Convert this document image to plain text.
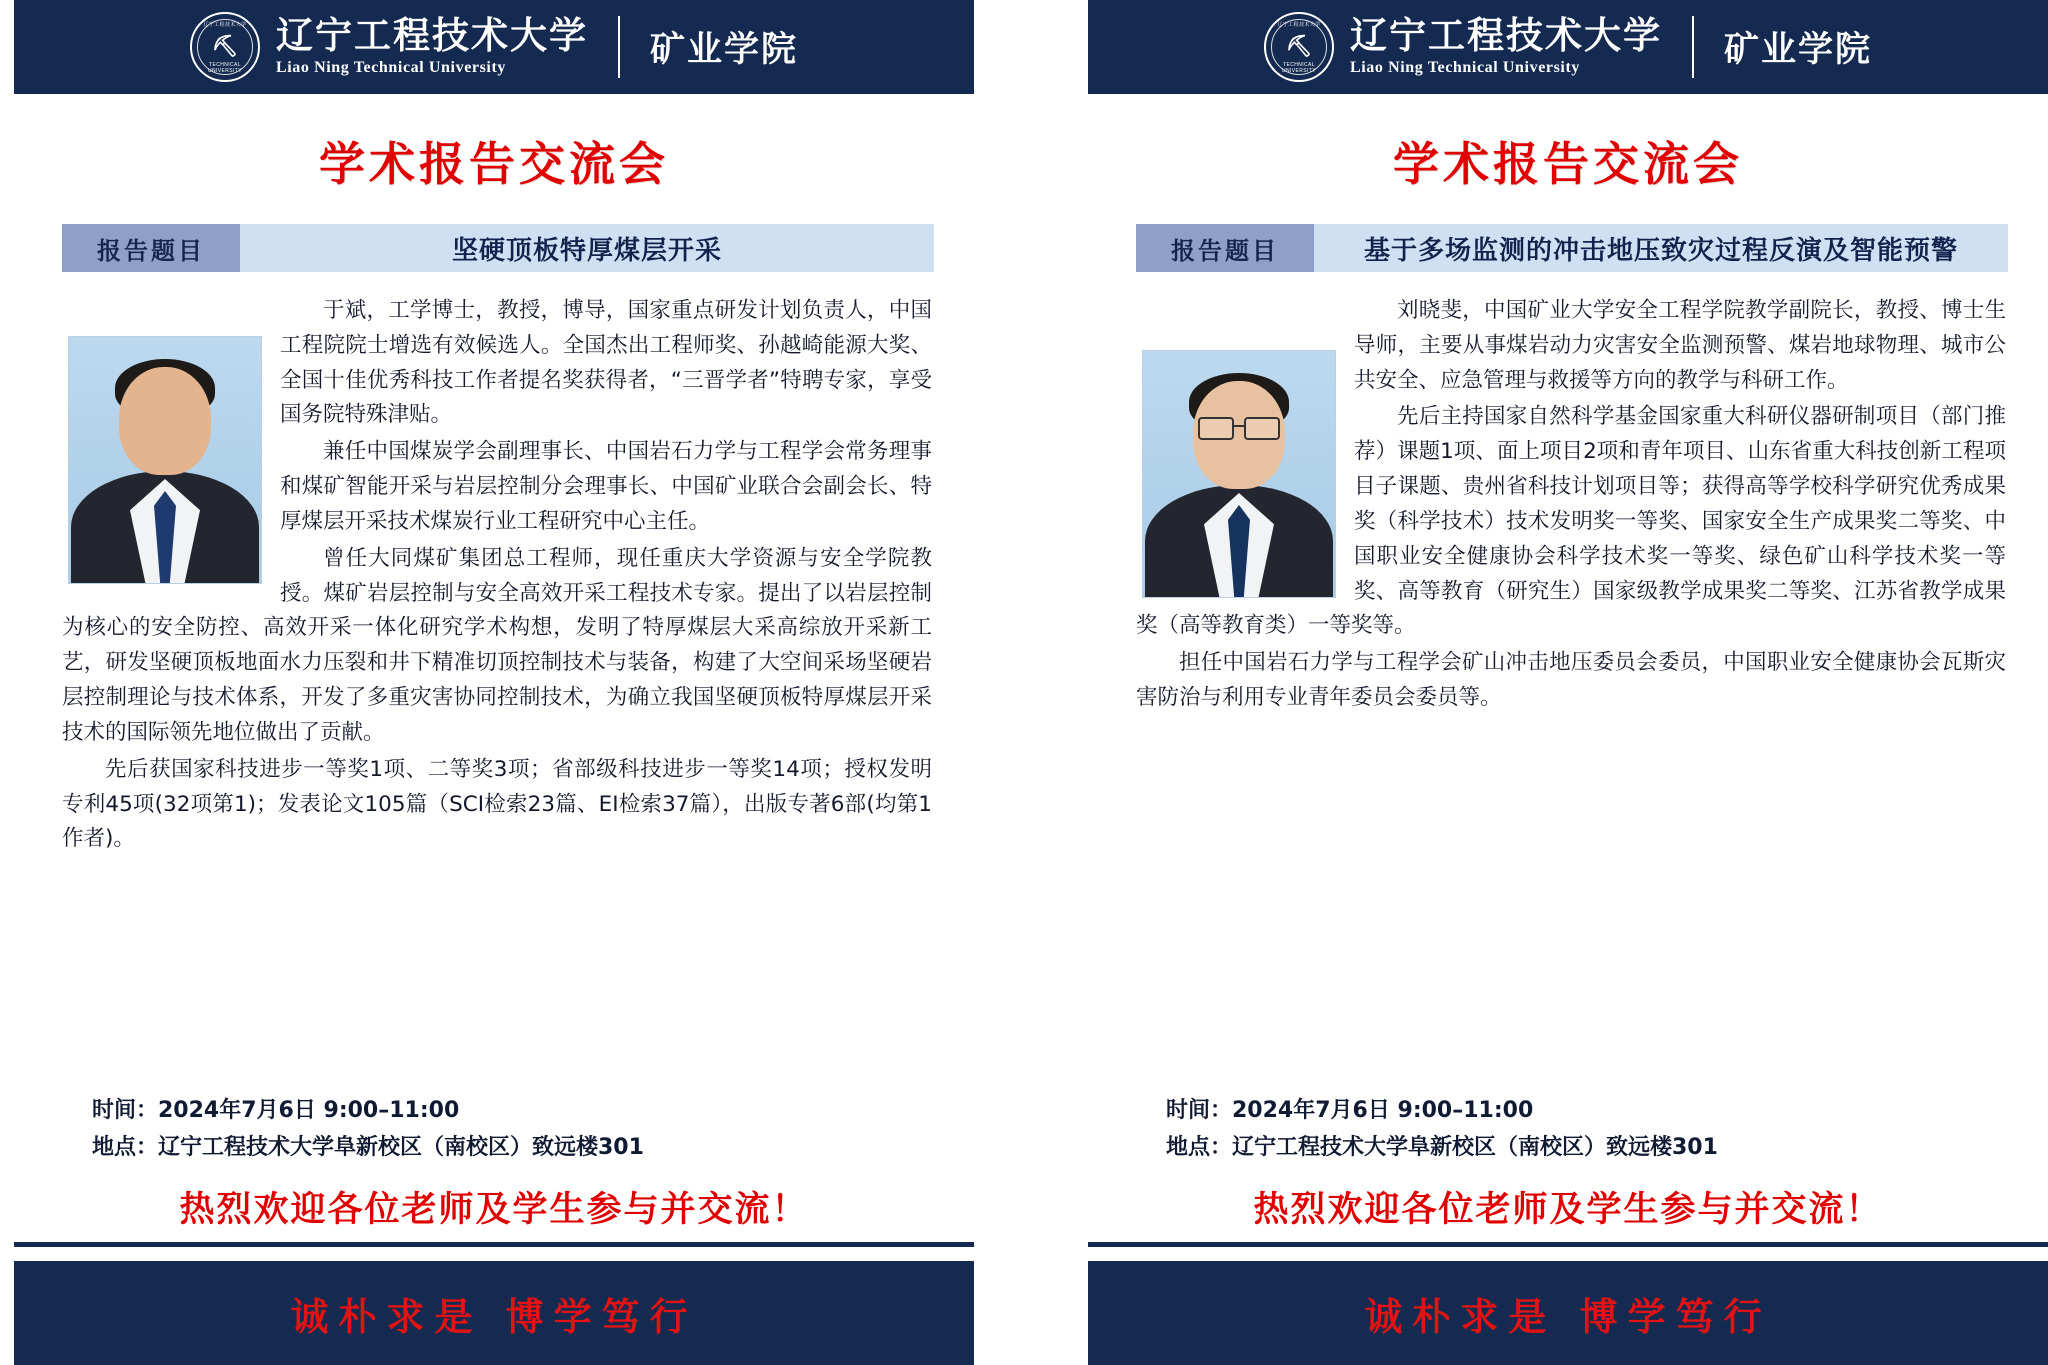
辽宁工程技术大学
⛏
TECHNICAL UNIVERSITY
辽宁工程技术大学
Liao Ning Technical University	矿业学院
学术报告交流会
报告题目	坚硬顶板特厚煤层开采

于斌，工学博士，教授，博导，国家重点研发计划负责人，中国工程院院士增选有效候选人。全国杰出工程师奖、孙越崎能源大奖、全国十佳优秀科技工作者提名奖获得者，“三晋学者”特聘专家，享受国务院特殊津贴。

兼任中国煤炭学会副理事长、中国岩石力学与工程学会常务理事和煤矿智能开采与岩层控制分会理事长、中国矿业联合会副会长、特厚煤层开采技术煤炭行业工程研究中心主任。

曾任大同煤矿集团总工程师，现任重庆大学资源与安全学院教授。煤矿岩层控制与安全高效开采工程技术专家。提出了以岩层控制为核心的安全防控、高效开采一体化研究学术构想，发明了特厚煤层大采高综放开采新工艺，研发坚硬顶板地面水力压裂和井下精准切顶控制技术与装备，构建了大空间采场坚硬岩层控制理论与技术体系，开发了多重灾害协同控制技术，为确立我国坚硬顶板特厚煤层开采技术的国际领先地位做出了贡献。

先后获国家科技进步一等奖1项、二等奖3项；省部级科技进步一等奖14项；授权发明专利45项(32项第1)；发表论文105篇（SCI检索23篇、EI检索37篇），出版专著6部(均第1作者)。

时间：2024年7月6日 9:00–11:00
地点：辽宁工程技术大学阜新校区（南校区）致远楼301
热烈欢迎各位老师及学生参与并交流！
诚朴求是 博学笃行
辽宁工程技术大学
⛏
TECHNICAL UNIVERSITY
辽宁工程技术大学
Liao Ning Technical University	矿业学院
学术报告交流会
报告题目	基于多场监测的冲击地压致灾过程反演及智能预警

刘晓斐，中国矿业大学安全工程学院教学副院长，教授、博士生导师，主要从事煤岩动力灾害安全监测预警、煤岩地球物理、城市公共安全、应急管理与救援等方向的教学与科研工作。

先后主持国家自然科学基金国家重大科研仪器研制项目（部门推荐）课题1项、面上项目2项和青年项目、山东省重大科技创新工程项目子课题、贵州省科技计划项目等；获得高等学校科学研究优秀成果奖（科学技术）技术发明奖一等奖、国家安全生产成果奖二等奖、中国职业安全健康协会科学技术奖一等奖、绿色矿山科学技术奖一等奖、高等教育（研究生）国家级教学成果奖二等奖、江苏省教学成果奖（高等教育类）一等奖等。

担任中国岩石力学与工程学会矿山冲击地压委员会委员，中国职业安全健康协会瓦斯灾害防治与利用专业青年委员会委员等。

时间：2024年7月6日 9:00–11:00
地点：辽宁工程技术大学阜新校区（南校区）致远楼301
热烈欢迎各位老师及学生参与并交流！
诚朴求是 博学笃行
